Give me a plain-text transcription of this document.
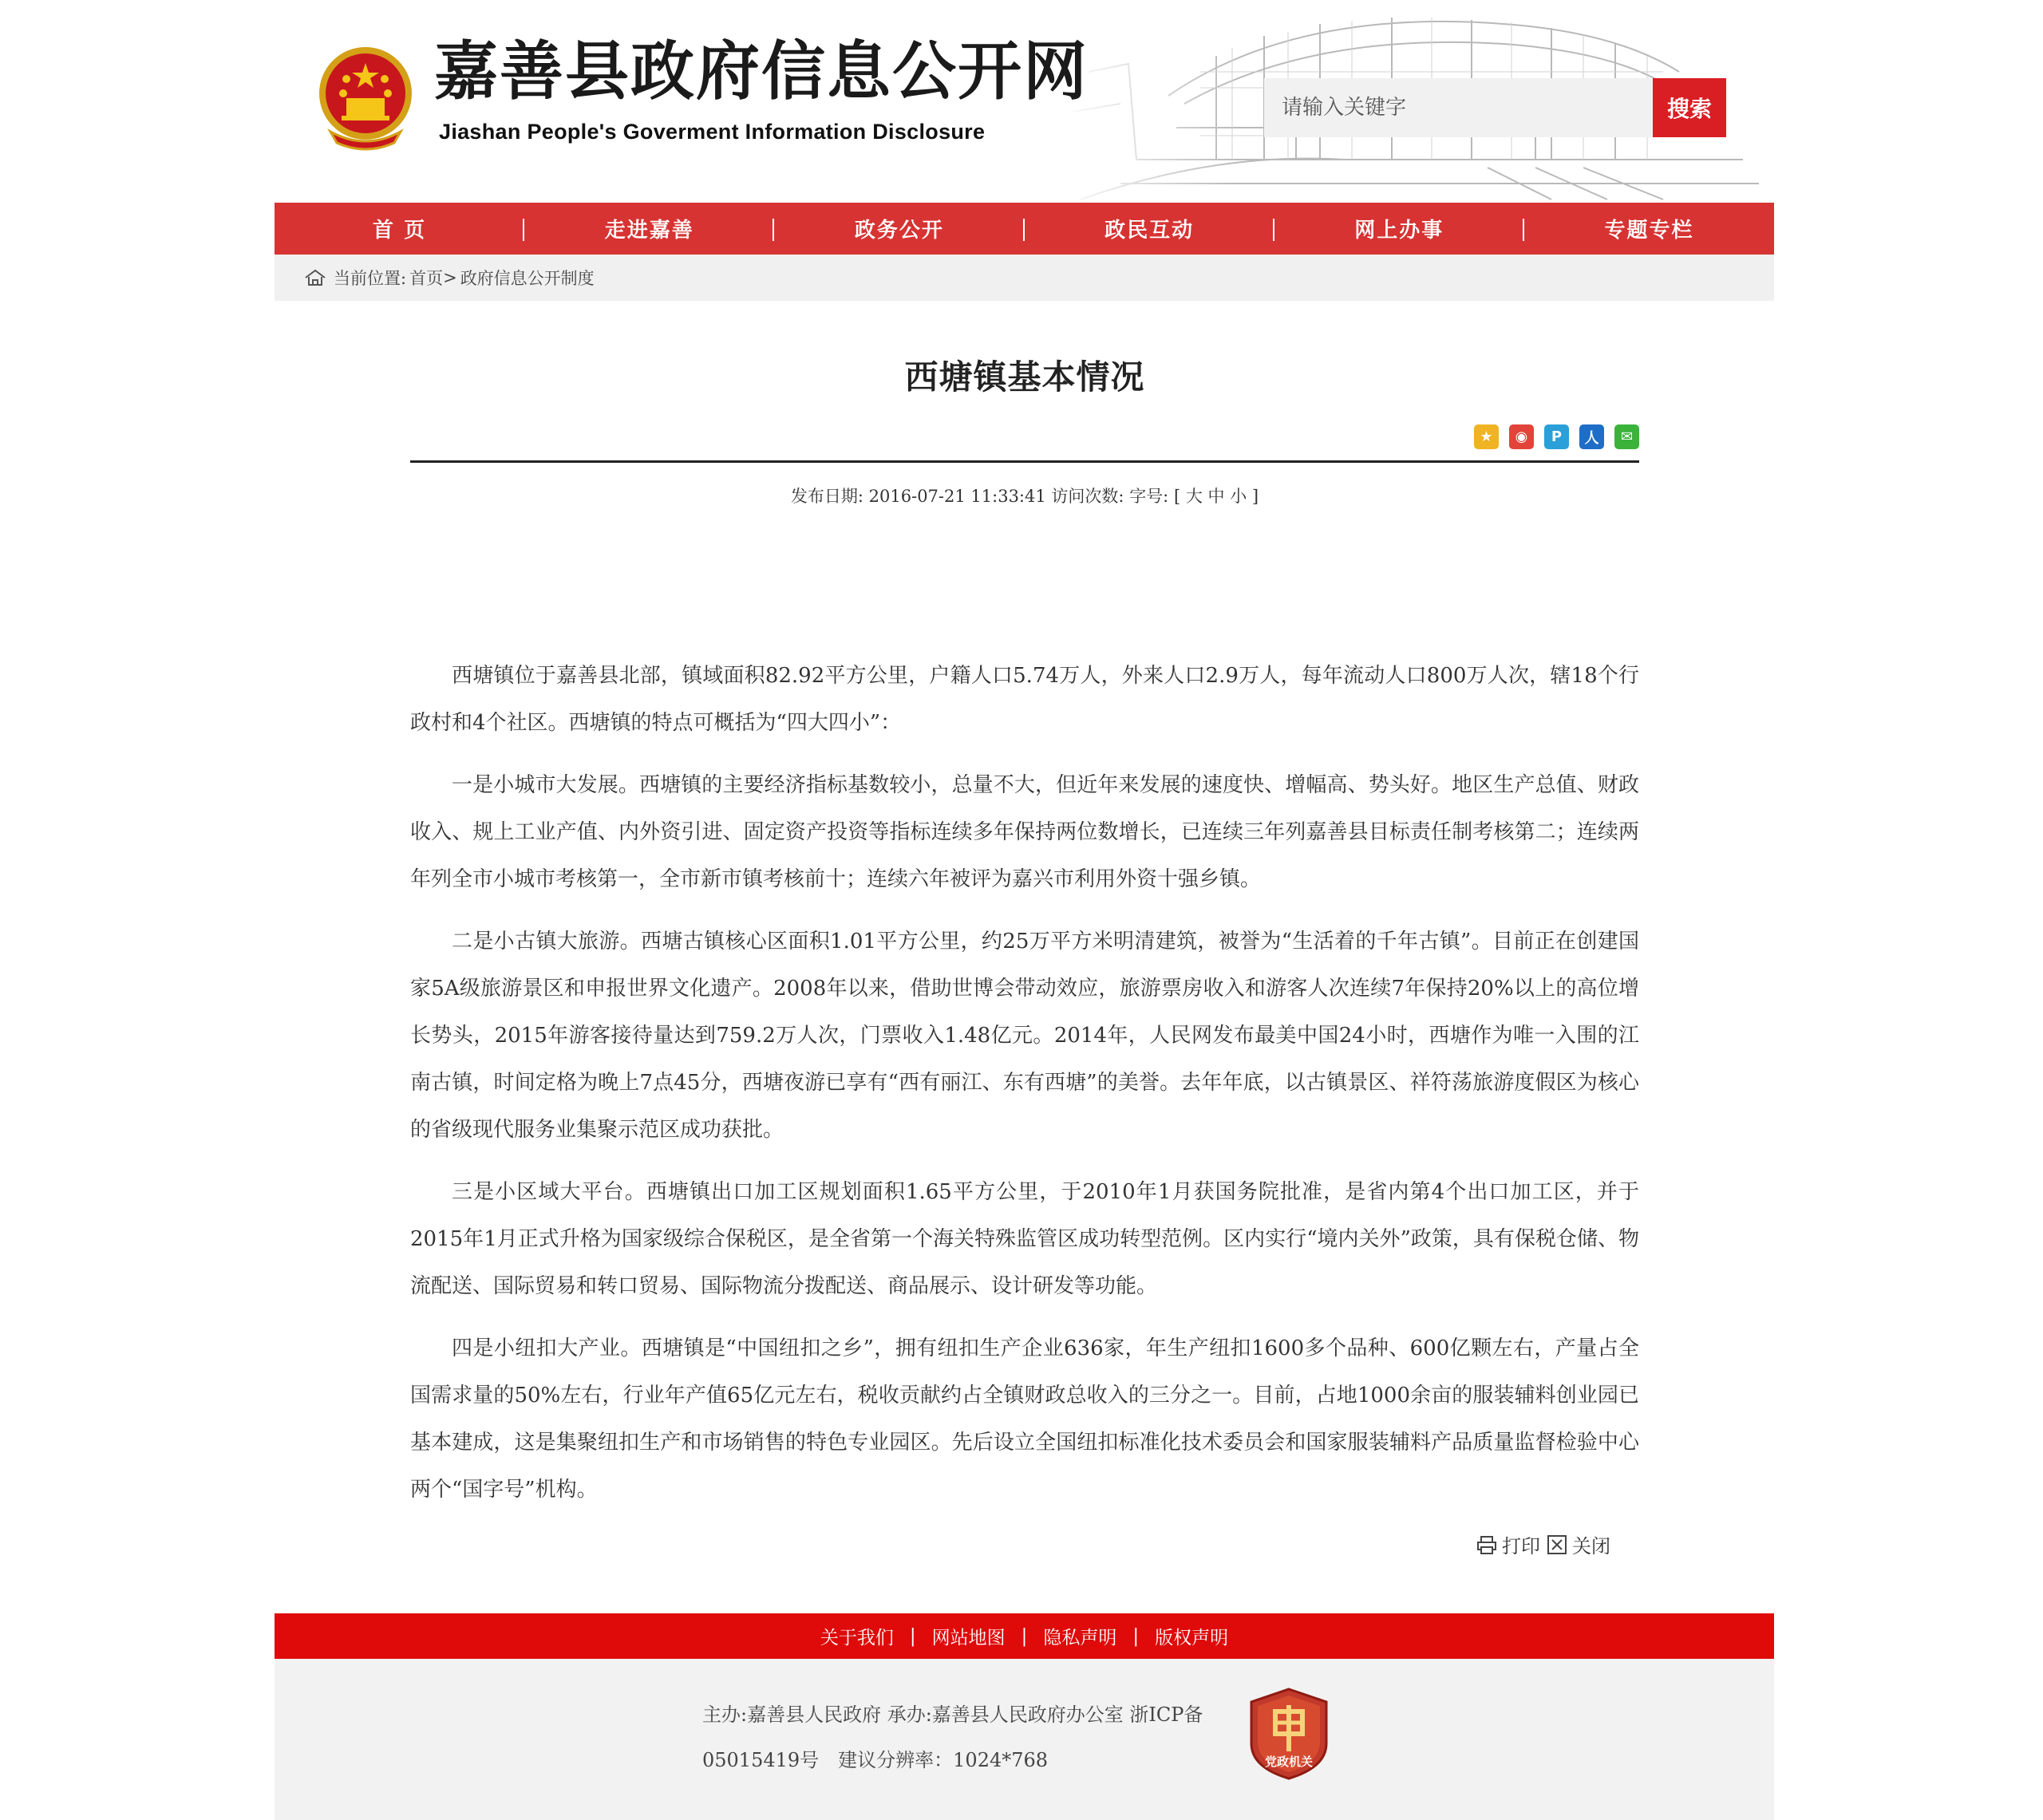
嘉善县政府信息公开网
Jiashan People's Goverment Information Disclosure
请输入关键字
搜索
首 页	走进嘉善	政务公开	政民互动	网上办事	专题专栏
当前位置: 首页 > 政府信息公开制度
西塘镇基本情况
★	◉	P	人	✉
发布日期: 2016-07-21 11:33:41 访问次数: 字号: [ 大 中 小 ]

西塘镇位于嘉善县北部，镇域面积82.92平方公里，户籍人口5.74万人，外来人口2.9万人，每年流动人口800万人次，辖18个行政村和4个社区。西塘镇的特点可概括为“四大四小”：

一是小城市大发展。西塘镇的主要经济指标基数较小，总量不大，但近年来发展的速度快、增幅高、势头好。地区生产总值、财政收入、规上工业产值、内外资引进、固定资产投资等指标连续多年保持两位数增长，已连续三年列嘉善县目标责任制考核第二；连续两年列全市小城市考核第一，全市新市镇考核前十；连续六年被评为嘉兴市利用外资十强乡镇。

二是小古镇大旅游。西塘古镇核心区面积1.01平方公里，约25万平方米明清建筑，被誉为“生活着的千年古镇”。目前正在创建国家5A级旅游景区和申报世界文化遗产。2008年以来，借助世博会带动效应，旅游票房收入和游客人次连续7年保持20%以上的高位增长势头，2015年游客接待量达到759.2万人次，门票收入1.48亿元。2014年，人民网发布最美中国24小时，西塘作为唯一入围的江南古镇，时间定格为晚上7点45分，西塘夜游已享有“西有丽江、东有西塘”的美誉。去年年底，以古镇景区、祥符荡旅游度假区为核心的省级现代服务业集聚示范区成功获批。

三是小区域大平台。西塘镇出口加工区规划面积1.65平方公里，于2010年1月获国务院批准，是省内第4个出口加工区，并于2015年1月正式升格为国家级综合保税区，是全省第一个海关特殊监管区成功转型范例。区内实行“境内关外”政策，具有保税仓储、物流配送、国际贸易和转口贸易、国际物流分拨配送、商品展示、设计研发等功能。

四是小纽扣大产业。西塘镇是“中国纽扣之乡”，拥有纽扣生产企业636家，年生产纽扣1600多个品种、600亿颗左右，产量占全国需求量的50%左右，行业年产值65亿元左右，税收贡献约占全镇财政总收入的三分之一。目前，占地1000余亩的服装辅料创业园已基本建成，这是集聚纽扣生产和市场销售的特色专业园区。先后设立全国纽扣标准化技术委员会和国家服装辅料产品质量监督检验中心两个“国字号”机构。

打印 关闭
关于我们 | 网站地图 | 隐私声明 | 版权声明
主办:嘉善县人民政府 承办:嘉善县人民政府办公室 浙ICP备
05015419号　建议分辨率：1024*768	党政机关
